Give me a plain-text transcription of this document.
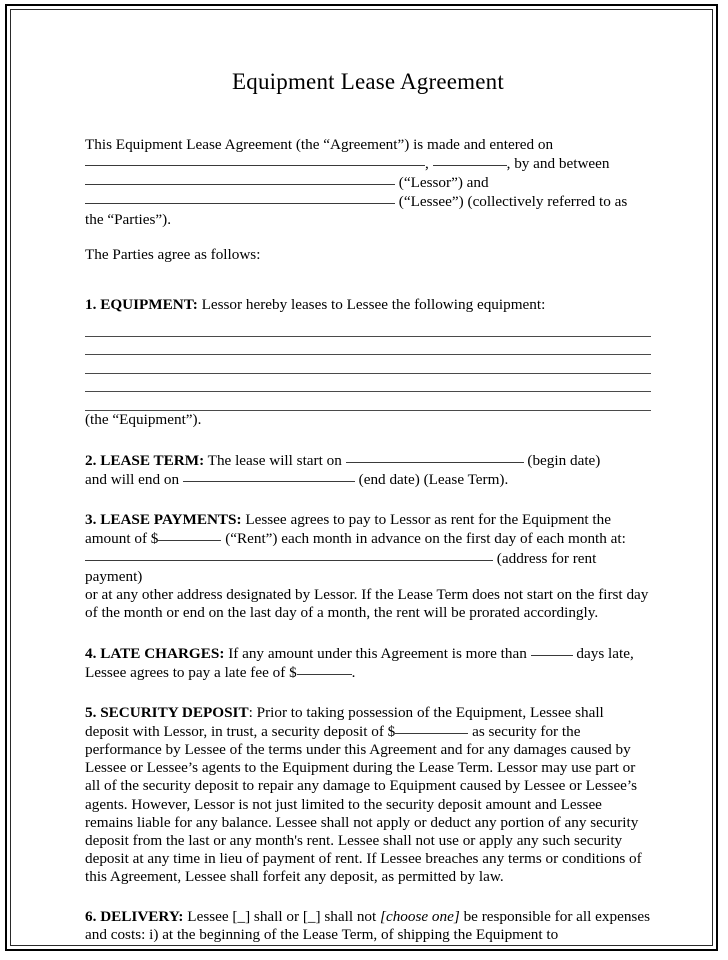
Equipment Lease Agreement

This Equipment Lease Agreement (the “Agreement”) is made and entered on
,	, by and between
(“Lessor”) and
(“Lessee”) (collectively referred to as
the “Parties”).

The Parties agree as follows:

1. EQUIPMENT: Lessor hereby leases to Lessee the following equipment:

(the “Equipment”).

2. LEASE TERM: The lease will start on	(begin date)
and will end on	(end date) (Lease Term).

3. LEASE PAYMENTS: Lessee agrees to pay to Lessor as rent for the Equipment the amount of $	(“Rent”) each month in advance on the first day of each month at:
(address for rent payment)
or at any other address designated by Lessor. If the Lease Term does not start on the first day of the month or end on the last day of a month, the rent will be prorated accordingly.

4. LATE CHARGES: If any amount under this Agreement is more than	days late, Lessee agrees to pay a late fee of $	.

5. SECURITY DEPOSIT: Prior to taking possession of the Equipment, Lessee shall deposit with Lessor, in trust, a security deposit of $	as security for the performance by Lessee of the terms under this Agreement and for any damages caused by Lessee or Lessee’s agents to the Equipment during the Lease Term. Lessor may use part or all of the security deposit to repair any damage to Equipment caused by Lessee or Lessee’s agents. However, Lessor is not just limited to the security deposit amount and Lessee remains liable for any balance. Lessee shall not apply or deduct any portion of any security deposit from the last or any month's rent. Lessee shall not use or apply any such security deposit at any time in lieu of payment of rent. If Lessee breaches any terms or conditions of this Agreement, Lessee shall forfeit any deposit, as permitted by law.

6. DELIVERY: Lessee [_] shall or [_] shall not [choose one] be responsible for all expenses and costs: i) at the beginning of the Lease Term, of shipping the Equipment to
